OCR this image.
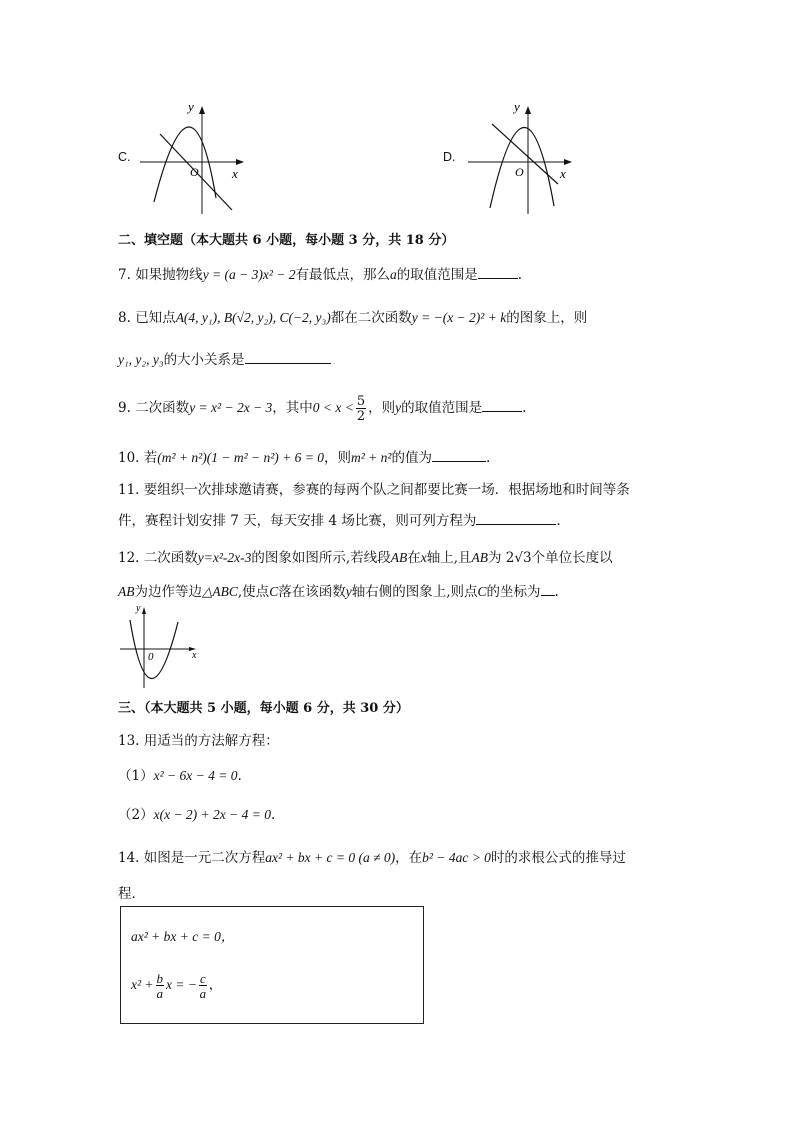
C.
x
y
O
D.
x
y
O
二、填空题（本大题共 6 小题，每小题 3 分，共 18 分）
7. 如果抛物线y = (a − 3)x² − 2有最低点，那么a的取值范围是	.
8. 已知点A(4, y₁), B(√2, y₂), C(−2, y₃)都在二次函数y = −(x − 2)² + k的图象上，则
y₁, y₂, y₃的大小关系是
9. 二次函数y = x² − 2x − 3，其中$0 < x < \frac{5}{2}$ ，则y的取值范围是	.
10. 若(m² + n²)(1 − m² − n²) + 6 = 0，则m² + n²的值为	.
11. 要组织一次排球邀请赛，参赛的每两个队之间都要比赛一场．根据场地和时间等条
件，赛程计划安排 7 天，每天安排 4 场比赛，则可列方程为	.
12. 二次函数y=x²-2x-3的图象如图所示,若线段AB在x轴上,且AB为 2√3个单位长度以
AB为边作等边△ABC,使点C落在该函数y轴右侧的图象上,则点C的坐标为 .
x
y
0
三、（本大题共 5 小题，每小题 6 分，共 30 分）
13. 用适当的方法解方程：
（1）x² − 6x − 4 = 0.
（2）x(x − 2) + 2x − 4 = 0.
14. 如图是一元二次方程ax² + bx + c = 0 (a ≠ 0)，在b² − 4ac > 0时的求根公式的推导过
程．
ax² + bx + c = 0，
$x^2 + \frac{b}{a}$ x = − $\frac{c}{a}$ ，
